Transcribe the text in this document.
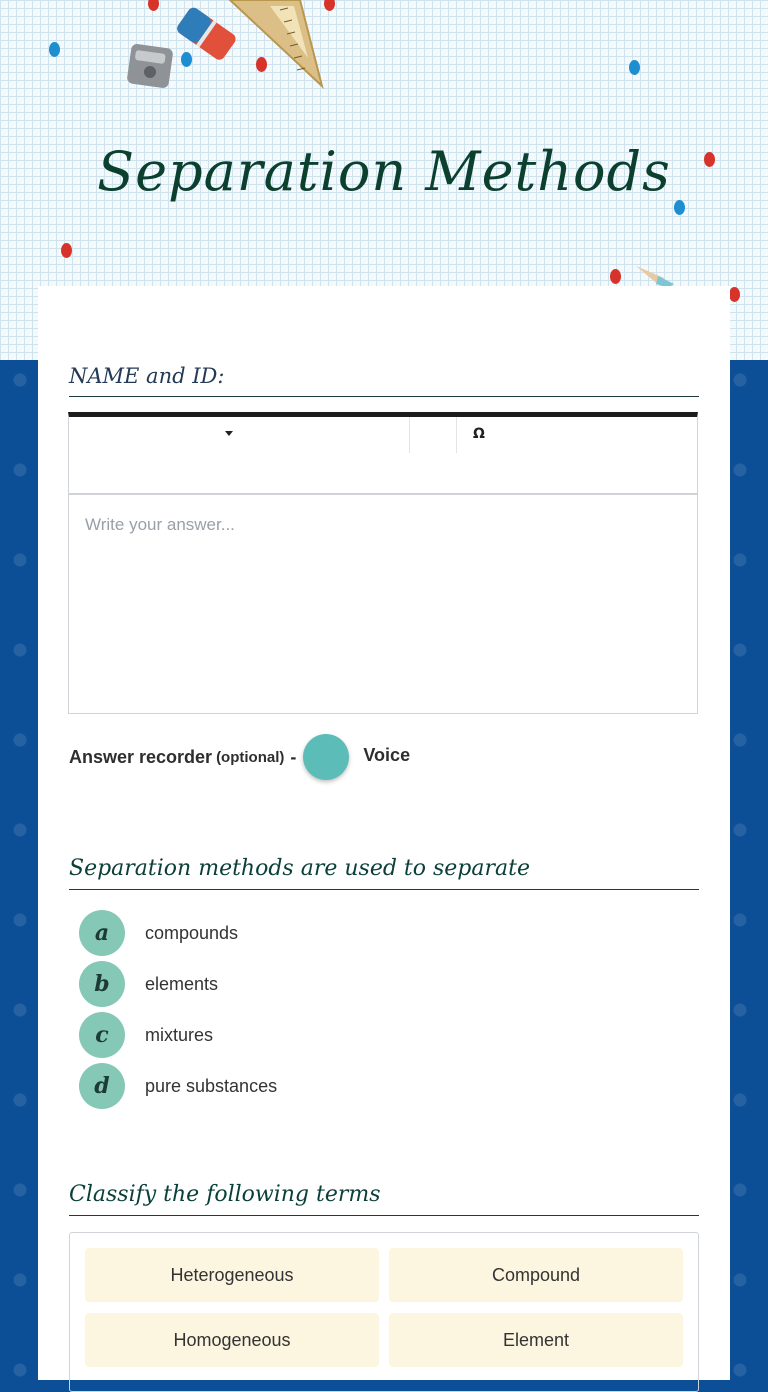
Separation Methods
NAME and ID:
Ω
Write your answer...
Answer recorder (optional) -	Voice
Separation methods are used to separate
a	compounds
b	elements
c	mixtures
d	pure substances
Classify the following terms
Heterogeneous	Compound
Homogeneous	Element
